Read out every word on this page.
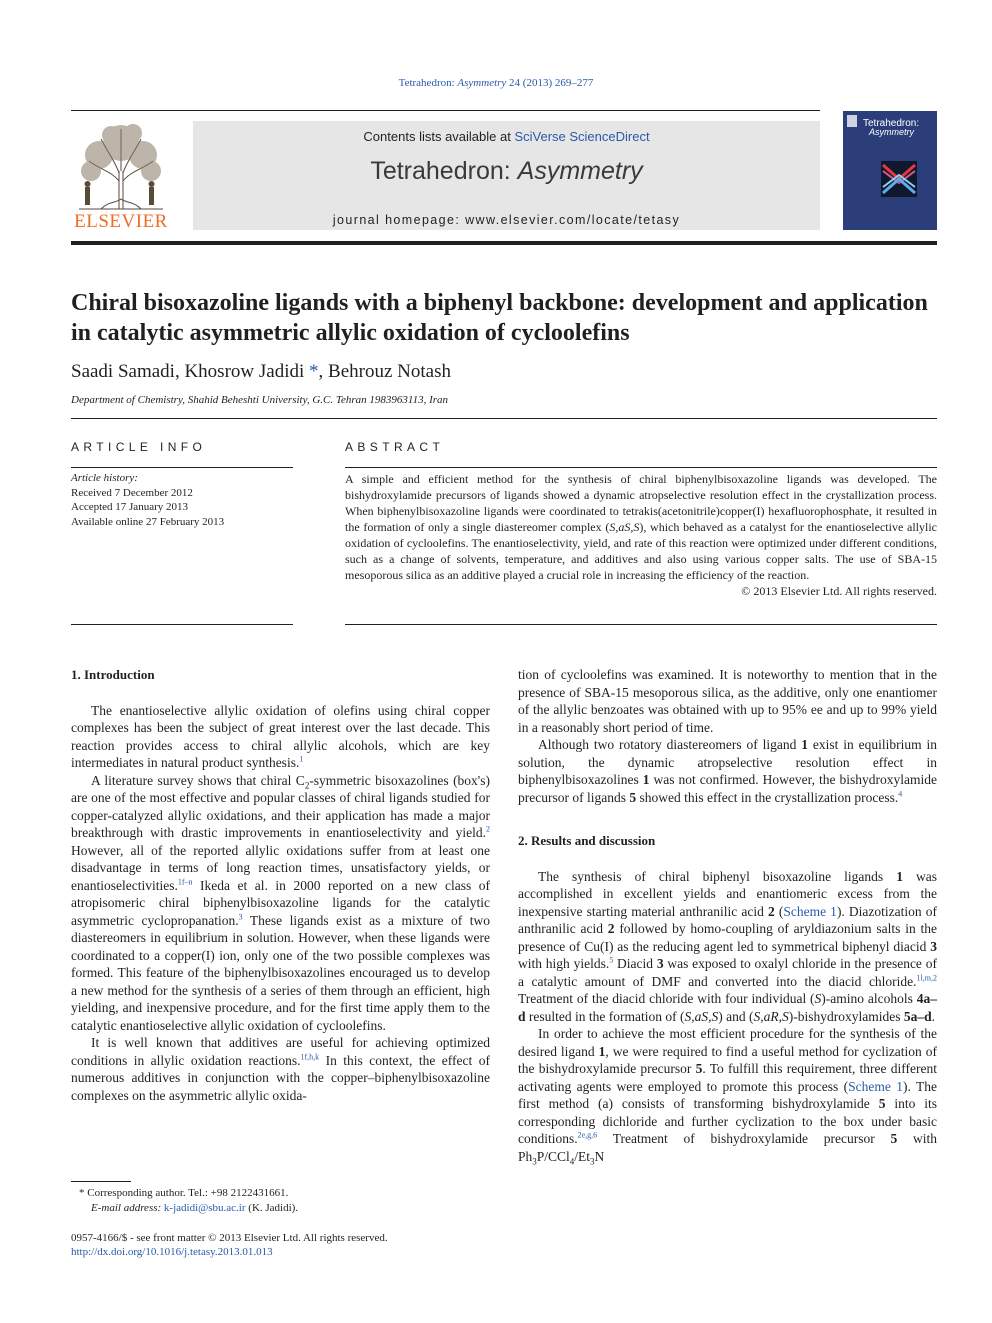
Tetrahedron: Asymmetry 24 (2013) 269–277
ELSEVIER
Contents lists available at SciVerse ScienceDirect
Tetrahedron: Asymmetry
journal homepage: www.elsevier.com/locate/tetasy
Tetrahedron:
Asymmetry
Chiral bisoxazoline ligands with a biphenyl backbone: development and application in catalytic asymmetric allylic oxidation of cycloolefins
Saadi Samadi, Khosrow Jadidi *, Behrouz Notash
Department of Chemistry, Shahid Beheshti University, G.C. Tehran 1983963113, Iran
ARTICLE INFO	ABSTRACT
Article history:
Received 7 December 2012
Accepted 17 January 2013
Available online 27 February 2013
A simple and efficient method for the synthesis of chiral biphenylbisoxazoline ligands was developed. The bishydroxylamide precursors of ligands showed a dynamic atropselective resolution effect in the crystallization process. When biphenylbisoxazoline ligands were coordinated to tetrakis(acetonitrile)copper(I) hexafluorophosphate, it resulted in the formation of only a single diastereomer complex (S,aS,S), which behaved as a catalyst for the enantioselective allylic oxidation of cycloolefins. The enantioselectivity, yield, and rate of this reaction were optimized under different conditions, such as a change of solvents, temperature, and additives and also using various copper salts. The use of SBA-15 mesoporous silica as an additive played a crucial role in increasing the efficiency of the reaction.
© 2013 Elsevier Ltd. All rights reserved.
1. Introduction

The enantioselective allylic oxidation of olefins using chiral copper complexes has been the subject of great interest over the last decade. This reaction provides access to chiral allylic alcohols, which are key intermediates in natural product synthesis.$^1$

A literature survey shows that chiral $C_2$-symmetric bisoxazolines (box's) are one of the most effective and popular classes of chiral ligands studied for copper-catalyzed allylic oxidations, and their application has made a major breakthrough with drastic improvements in enantioselectivity and yield.$^2$ However, all of the reported allylic oxidations suffer from at least one disadvantage in terms of long reaction times, unsatisfactory yields, or enantioselectivities.$^{1f-n}$ Ikeda et al. in 2000 reported on a new class of atropisomeric chiral biphenylbisoxazoline ligands for the catalytic asymmetric cyclopropanation.$^3$ These ligands exist as a mixture of two diastereomers in equilibrium in solution. However, when these ligands were coordinated to a copper(I) ion, only one of the two possible complexes was formed. This feature of the biphenylbisoxazolines encouraged us to develop a new method for the synthesis of a series of them through an efficient, high yielding, and inexpensive procedure, and for the first time apply them to the catalytic enantioselective allylic oxidation of cycloolefins.

It is well known that additives are useful for achieving optimized conditions in allylic oxidation reactions.$^{1f,h,k}$ In this context, the effect of numerous additives in conjunction with the copper–biphenylbisoxazoline complexes on the asymmetric allylic oxida-

tion of cycloolefins was examined. It is noteworthy to mention that in the presence of SBA-15 mesoporous silica, as the additive, only one enantiomer of the allylic benzoates was obtained with up to 95% ee and up to 99% yield in a reasonably short period of time.

Although two rotatory diastereomers of ligand 1 exist in equilibrium in solution, the dynamic atropselective resolution effect in biphenylbisoxazolines 1 was not confirmed. However, the bishydroxylamide precursor of ligands 5 showed this effect in the crystallization process.$^4$

2. Results and discussion

The synthesis of chiral biphenyl bisoxazoline ligands 1 was accomplished in excellent yields and enantiomeric excess from the inexpensive starting material anthranilic acid 2 (Scheme 1). Diazotization of anthranilic acid 2 followed by homo-coupling of aryldiazonium salts in the presence of Cu(I) as the reducing agent led to symmetrical biphenyl diacid 3 with high yields.$^5$ Diacid 3 was exposed to oxalyl chloride in the presence of a catalytic amount of DMF and converted into the diacid chloride.$^{1l,m,2}$ Treatment of the diacid chloride with four individual (S)-amino alcohols 4a–d resulted in the formation of (S,aS,S) and (S,aR,S)-bishydroxylamides 5a–d.

In order to achieve the most efficient procedure for the synthesis of the desired ligand 1, we were required to find a useful method for cyclization of the bishydroxylamide precursor 5. To fulfill this requirement, three different activating agents were employed to promote this process (Scheme 1). The first method (a) consists of transforming bishydroxylamide 5 into its corresponding dichloride and further cyclization to the box under basic conditions.$^{2e,g,6}$ Treatment of bishydroxylamide precursor 5 with $Ph_3P/CCl_4/Et_3N$

* Corresponding author. Tel.: +98 2122431661.
E-mail address: k-jadidi@sbu.ac.ir (K. Jadidi).
0957-4166/$ - see front matter © 2013 Elsevier Ltd. All rights reserved.
http://dx.doi.org/10.1016/j.tetasy.2013.01.013
